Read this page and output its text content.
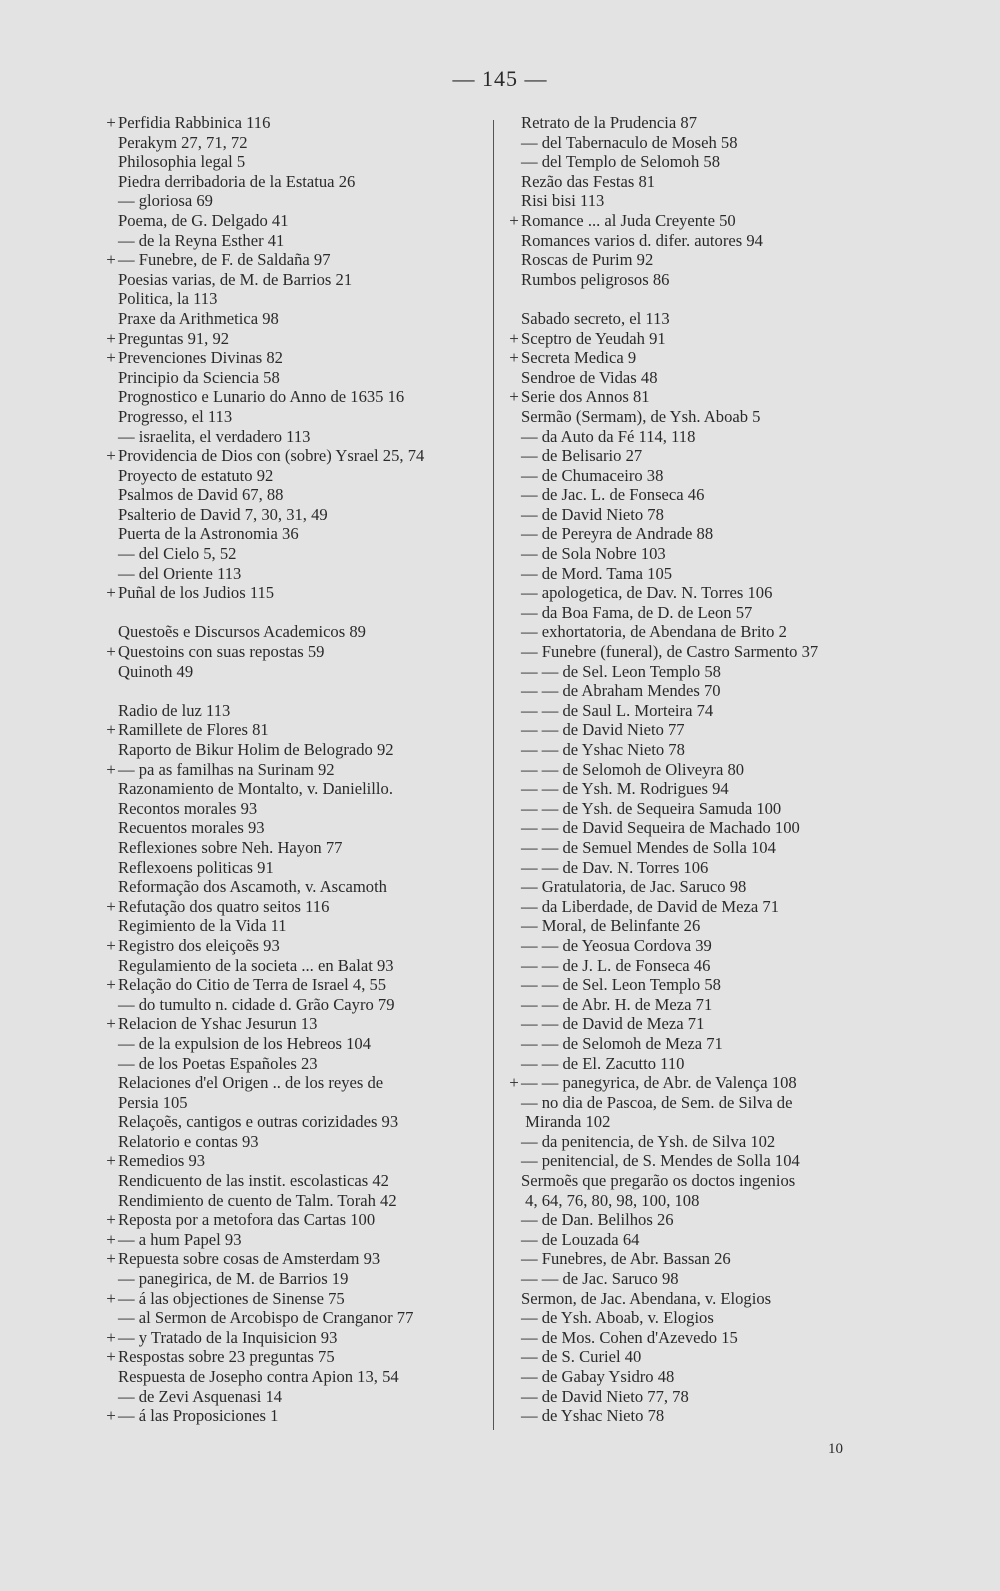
— 145 —
+ Perfidia Rabbinica 116
Perakym 27, 71, 72
Philosophia legal 5
Piedra derribadoria de la Estatua 26
— gloriosa 69
Poema, de G. Delgado 41
— de la Reyna Esther 41
+ — Funebre, de F. de Saldaña 97
Poesias varias, de M. de Barrios 21
Politica, la 113
Praxe da Arithmetica 98
+ Preguntas 91, 92
+ Prevenciones Divinas 82
Principio da Sciencia 58
Prognostico e Lunario do Anno de 1635 16
Progresso, el 113
— israelita, el verdadero 113
+ Providencia de Dios con (sobre) Ysrael 25, 74
Proyecto de estatuto 92
Psalmos de David 67, 88
Psalterio de David 7, 30, 31, 49
Puerta de la Astronomia 36
— del Cielo 5, 52
— del Oriente 113
+ Puñal de los Judios 115
Questoẽs e Discursos Academicos 89
+ Questoins con suas repostas 59
Quinoth 49
Radio de luz 113
+ Ramillete de Flores 81
Raporto de Bikur Holim de Belogrado 92
+ — pa as familhas na Surinam 92
Razonamiento de Montalto, v. Danielillo.
Recontos morales 93
Recuentos morales 93
Reflexiones sobre Neh. Hayon 77
Reflexoens politicas 91
Reformação dos Ascamoth, v. Ascamoth
+ Refutação dos quatro seitos 116
Regimiento de la Vida 11
+ Registro dos eleiçoẽs 93
Regulamiento de la societa ... en Balat 93
+ Relação do Citio de Terra de Israel 4, 55
— do tumulto n. cidade d. Grão Cayro 79
+ Relacion de Yshac Jesurun 13
— de la expulsion de los Hebreos 104
— de los Poetas Españoles 23
Relaciones d'el Origen .. de los reyes de
Persia 105
Relaçoẽs, cantigos e outras corizidades 93
Relatorio e contas 93
+ Remedios 93
Rendicuento de las instit. escolasticas 42
Rendimiento de cuento de Talm. Torah 42
+ Reposta por a metofora das Cartas 100
+ — a hum Papel 93
+ Repuesta sobre cosas de Amsterdam 93
— panegirica, de M. de Barrios 19
+ — á las objectiones de Sinense 75
— al Sermon de Arcobispo de Cranganor 77
+ — y Tratado de la Inquisicion 93
+ Respostas sobre 23 preguntas 75
Respuesta de Josepho contra Apion 13, 54
— de Zevi Asquenasi 14
+ — á las Proposiciones 1
Retrato de la Prudencia 87
— del Tabernaculo de Moseh 58
— del Templo de Selomoh 58
Rezão das Festas 81
Risi bisi 113
+ Romance ... al Juda Creyente 50
Romances varios d. difer. autores 94
Roscas de Purim 92
Rumbos peligrosos 86
Sabado secreto, el 113
+ Sceptro de Yeudah 91
+ Secreta Medica 9
Sendroe de Vidas 48
+ Serie dos Annos 81
Sermão (Sermam), de Ysh. Aboab 5
— da Auto da Fé 114, 118
— de Belisario 27
— de Chumaceiro 38
— de Jac. L. de Fonseca 46
— de David Nieto 78
— de Pereyra de Andrade 88
— de Sola Nobre 103
— de Mord. Tama 105
— apologetica, de Dav. N. Torres 106
— da Boa Fama, de D. de Leon 57
— exhortatoria, de Abendana de Brito 2
— Funebre (funeral), de Castro Sarmento 37
— — de Sel. Leon Templo 58
— — de Abraham Mendes 70
— — de Saul L. Morteira 74
— — de David Nieto 77
— — de Yshac Nieto 78
— — de Selomoh de Oliveyra 80
— — de Ysh. M. Rodrigues 94
— — de Ysh. de Sequeira Samuda 100
— — de David Sequeira de Machado 100
— — de Semuel Mendes de Solla 104
— — de Dav. N. Torres 106
— Gratulatoria, de Jac. Saruco 98
— da Liberdade, de David de Meza 71
— Moral, de Belinfante 26
— — de Yeosua Cordova 39
— — de J. L. de Fonseca 46
— — de Sel. Leon Templo 58
— — de Abr. H. de Meza 71
— — de David de Meza 71
— — de Selomoh de Meza 71
— — de El. Zacutto 110
+ — — panegyrica, de Abr. de Valença 108
— no dia de Pascoa, de Sem. de Silva de
Miranda 102
— da penitencia, de Ysh. de Silva 102
— penitencial, de S. Mendes de Solla 104
Sermoẽs que pregarão os doctos ingenios
4, 64, 76, 80, 98, 100, 108
— de Dan. Belilhos 26
— de Louzada 64
— Funebres, de Abr. Bassan 26
— — de Jac. Saruco 98
Sermon, de Jac. Abendana, v. Elogios
— de Ysh. Aboab, v. Elogios
— de Mos. Cohen d'Azevedo 15
— de S. Curiel 40
— de Gabay Ysidro 48
— de David Nieto 77, 78
— de Yshac Nieto 78
10
